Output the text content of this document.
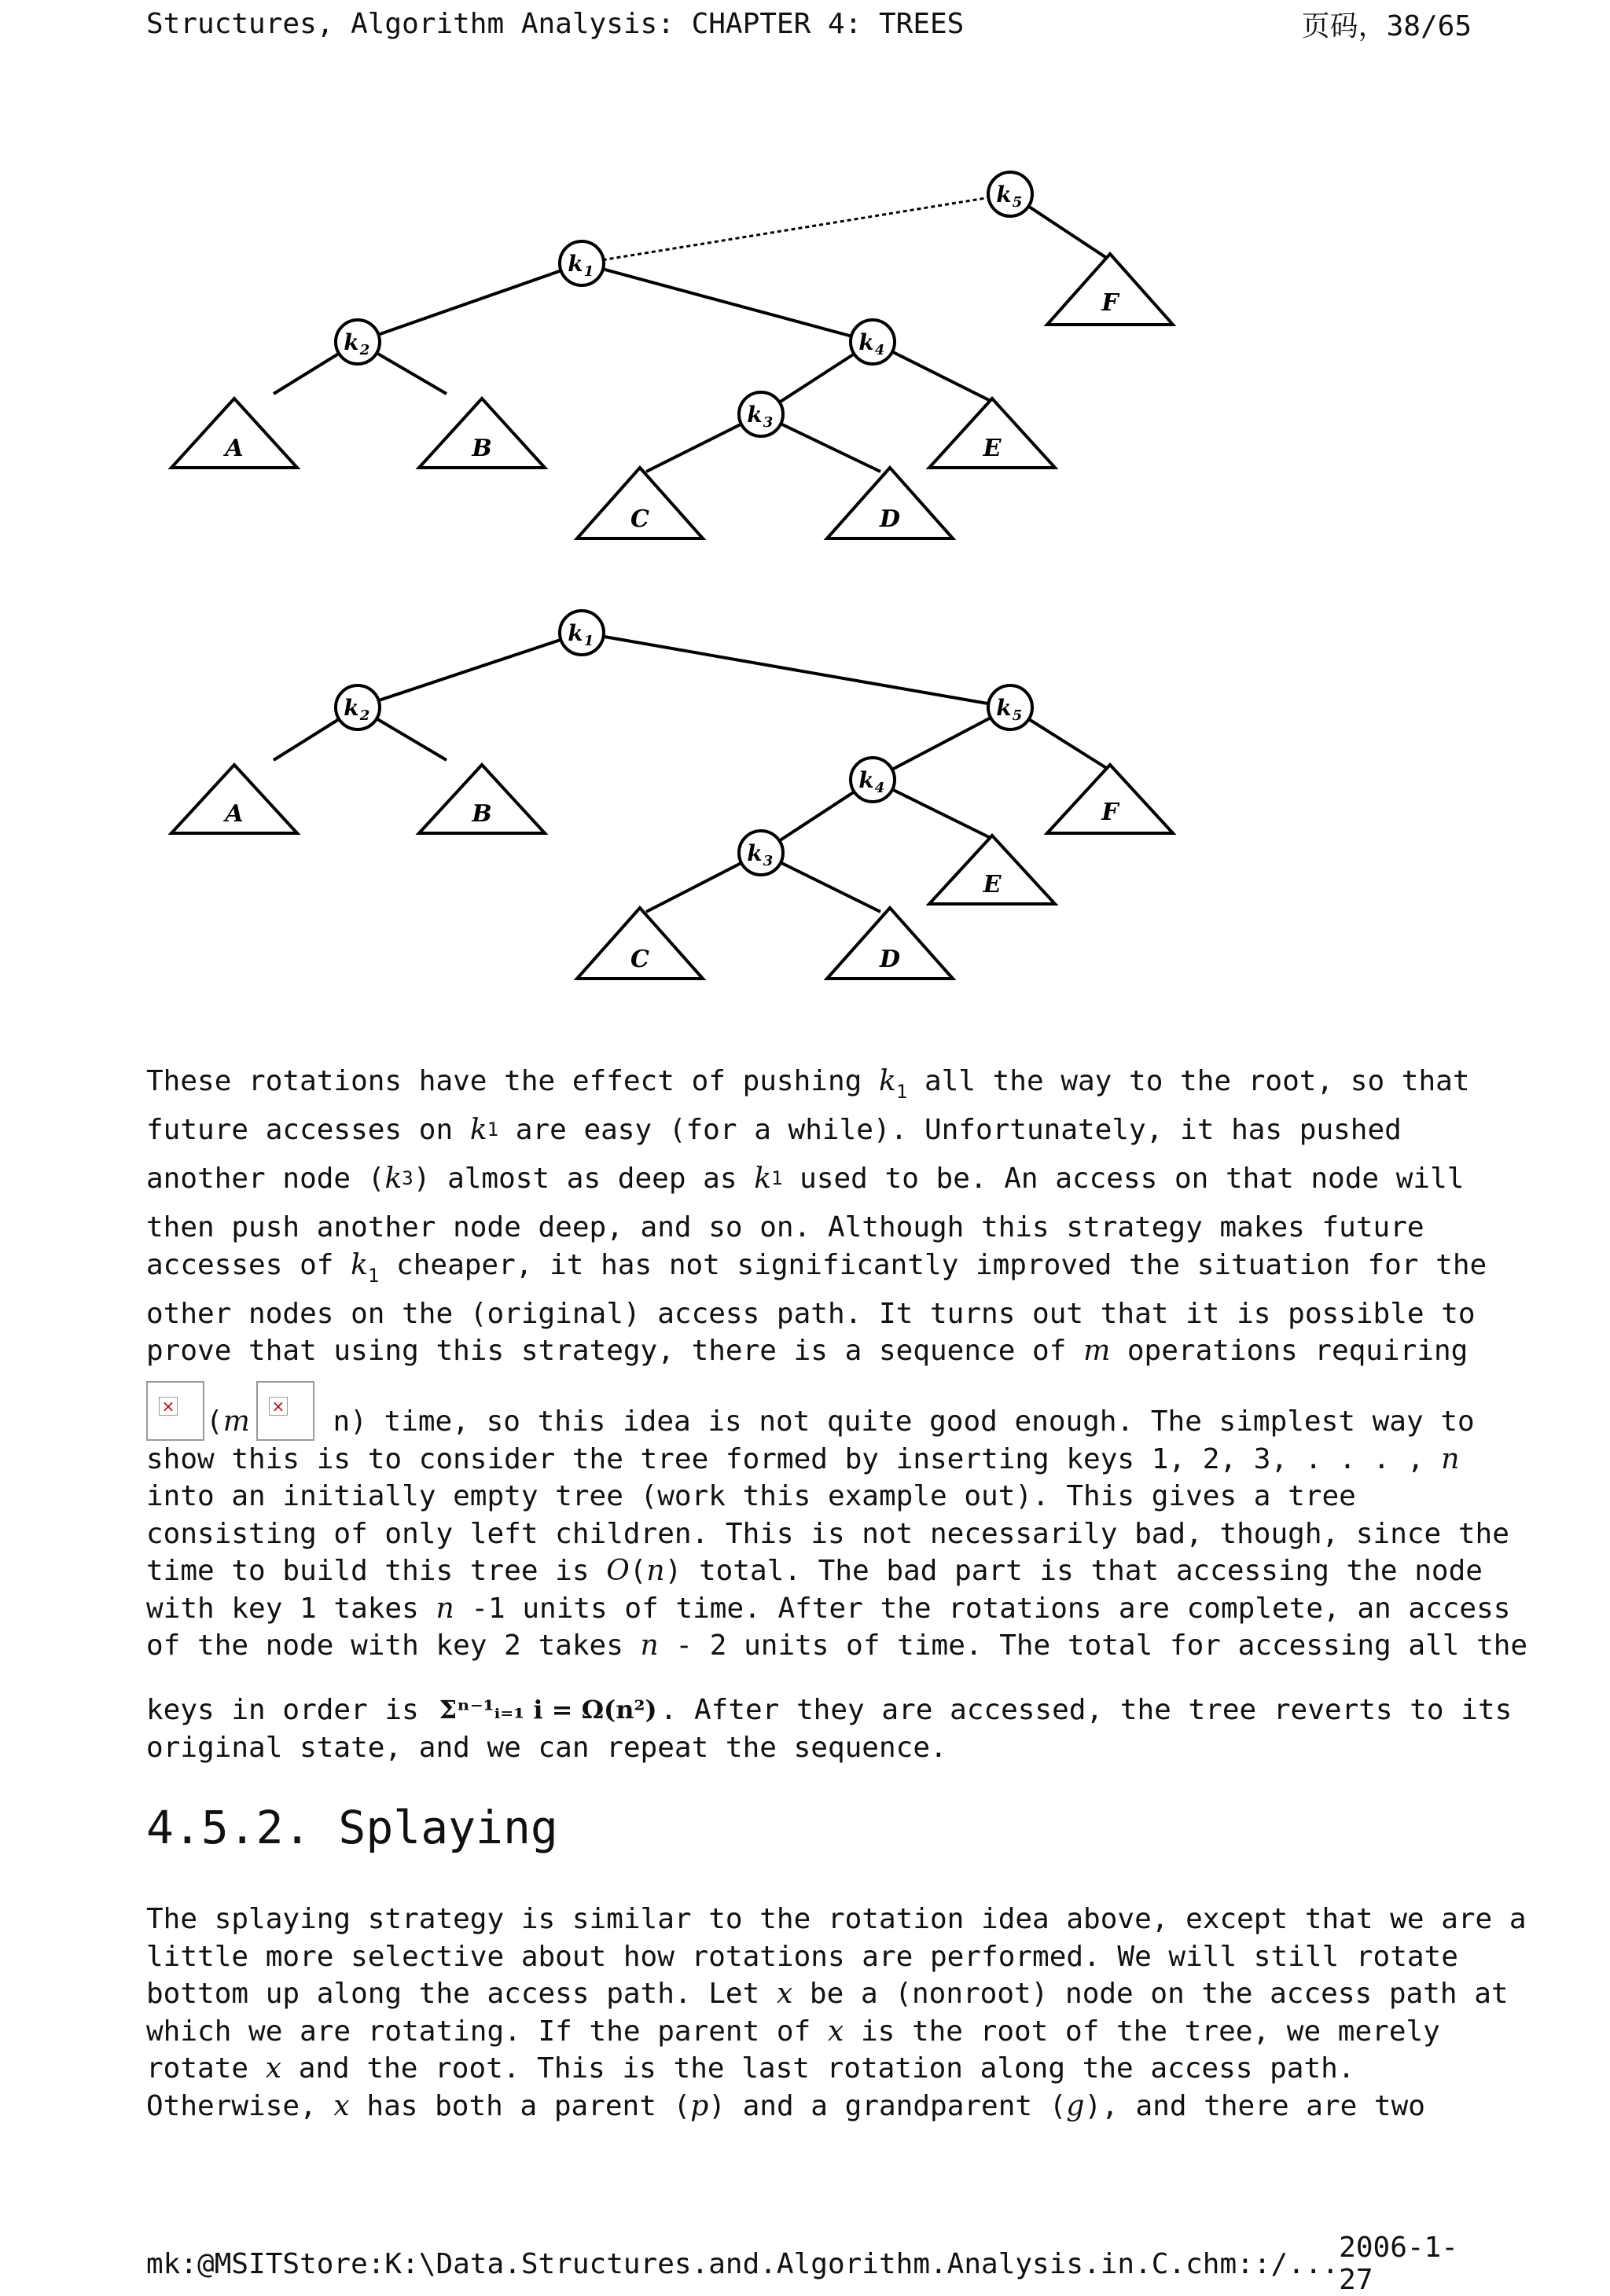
Structures, Algorithm Analysis: CHAPTER 4: TREES	页码，38/65
F
A	B	E
C	D
k 5
k 1
k 2	k 4
k 3
A	B	F
E
C	D
k 1
k 2	k 5
k 4
k 3
These rotations have the effect of pushing $k_1$ all the way to the root, so that
future accesses on k 1 are easy (for a while). Unfortunately, it has pushed
another node ( k 3 ) almost as deep as k 1 used to be. An access on that node will
then push another node deep, and so on. Although this strategy makes future
accesses of $k_1$ cheaper, it has not significantly improved the situation for the
other nodes on the (original) access path. It turns out that it is possible to
prove that using this strategy, there is a sequence of m operations requiring
× ( m × n ) time, so this idea is not quite good enough. The simplest way to
show this is to consider the tree formed by inserting keys 1, 2, 3, . . . , n
into an initially empty tree (work this example out). This gives a tree
consisting of only left children. This is not necessarily bad, though, since the
time to build this tree is O(n) total. The bad part is that accessing the node
with key 1 takes n -1 units of time. After the rotations are complete, an access
of the node with key 2 takes n - 2 units of time. The total for accessing all the
keys in order is Σⁿ⁻¹ᵢ₌₁ i = Ω(n²) . After they are accessed, the tree reverts to its
original state, and we can repeat the sequence.
4.5.2. Splaying
The splaying strategy is similar to the rotation idea above, except that we are a
little more selective about how rotations are performed. We will still rotate
bottom up along the access path. Let x be a (nonroot) node on the access path at
which we are rotating. If the parent of x is the root of the tree, we merely
rotate x and the root. This is the last rotation along the access path.
Otherwise, x has both a parent (p) and a grandparent (g), and there are two
mk:@MSITStore:K:\Data.Structures.and.Algorithm.Analysis.in.C.chm::/... 2006-1-27
